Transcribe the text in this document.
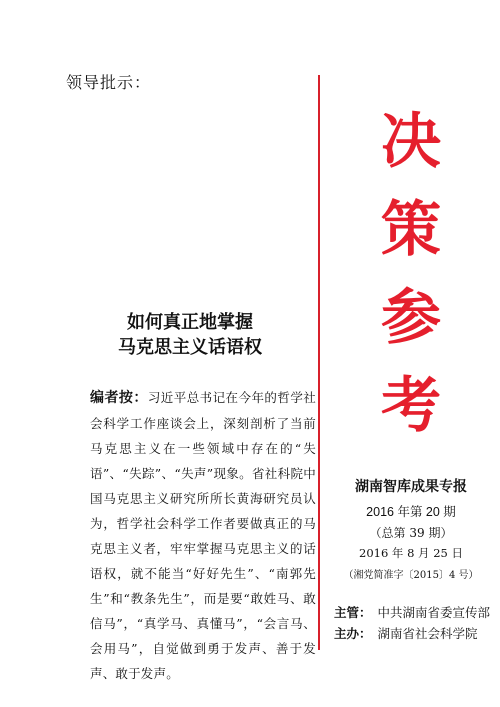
领导批示：
如何真正地掌握
马克思主义话语权
编者按：习近平总书记在今年的哲学社会科学工作座谈会上，深刻剖析了当前马克思主义在一些领域中存在的“失语”、“失踪”、“失声”现象。省社科院中国马克思主义研究所所长黄海研究员认为，哲学社会科学工作者要做真正的马克思主义者，牢牢掌握马克思主义的话语权，就不能当“好好先生”、“南郭先生”和“教条先生”，而是要“敢姓马、敢信马”，“真学马、真懂马”，“会言马、会用马”，自觉做到勇于发声、善于发声、敢于发声。
决
策
参
考
湖南智库成果专报
2016 年第 20 期
（总第 39 期）
2016 年 8 月 25 日
（湘党简准字〔2015〕4 号）
主管： 中共湖南省委宣传部
主办： 湖南省社会科学院
